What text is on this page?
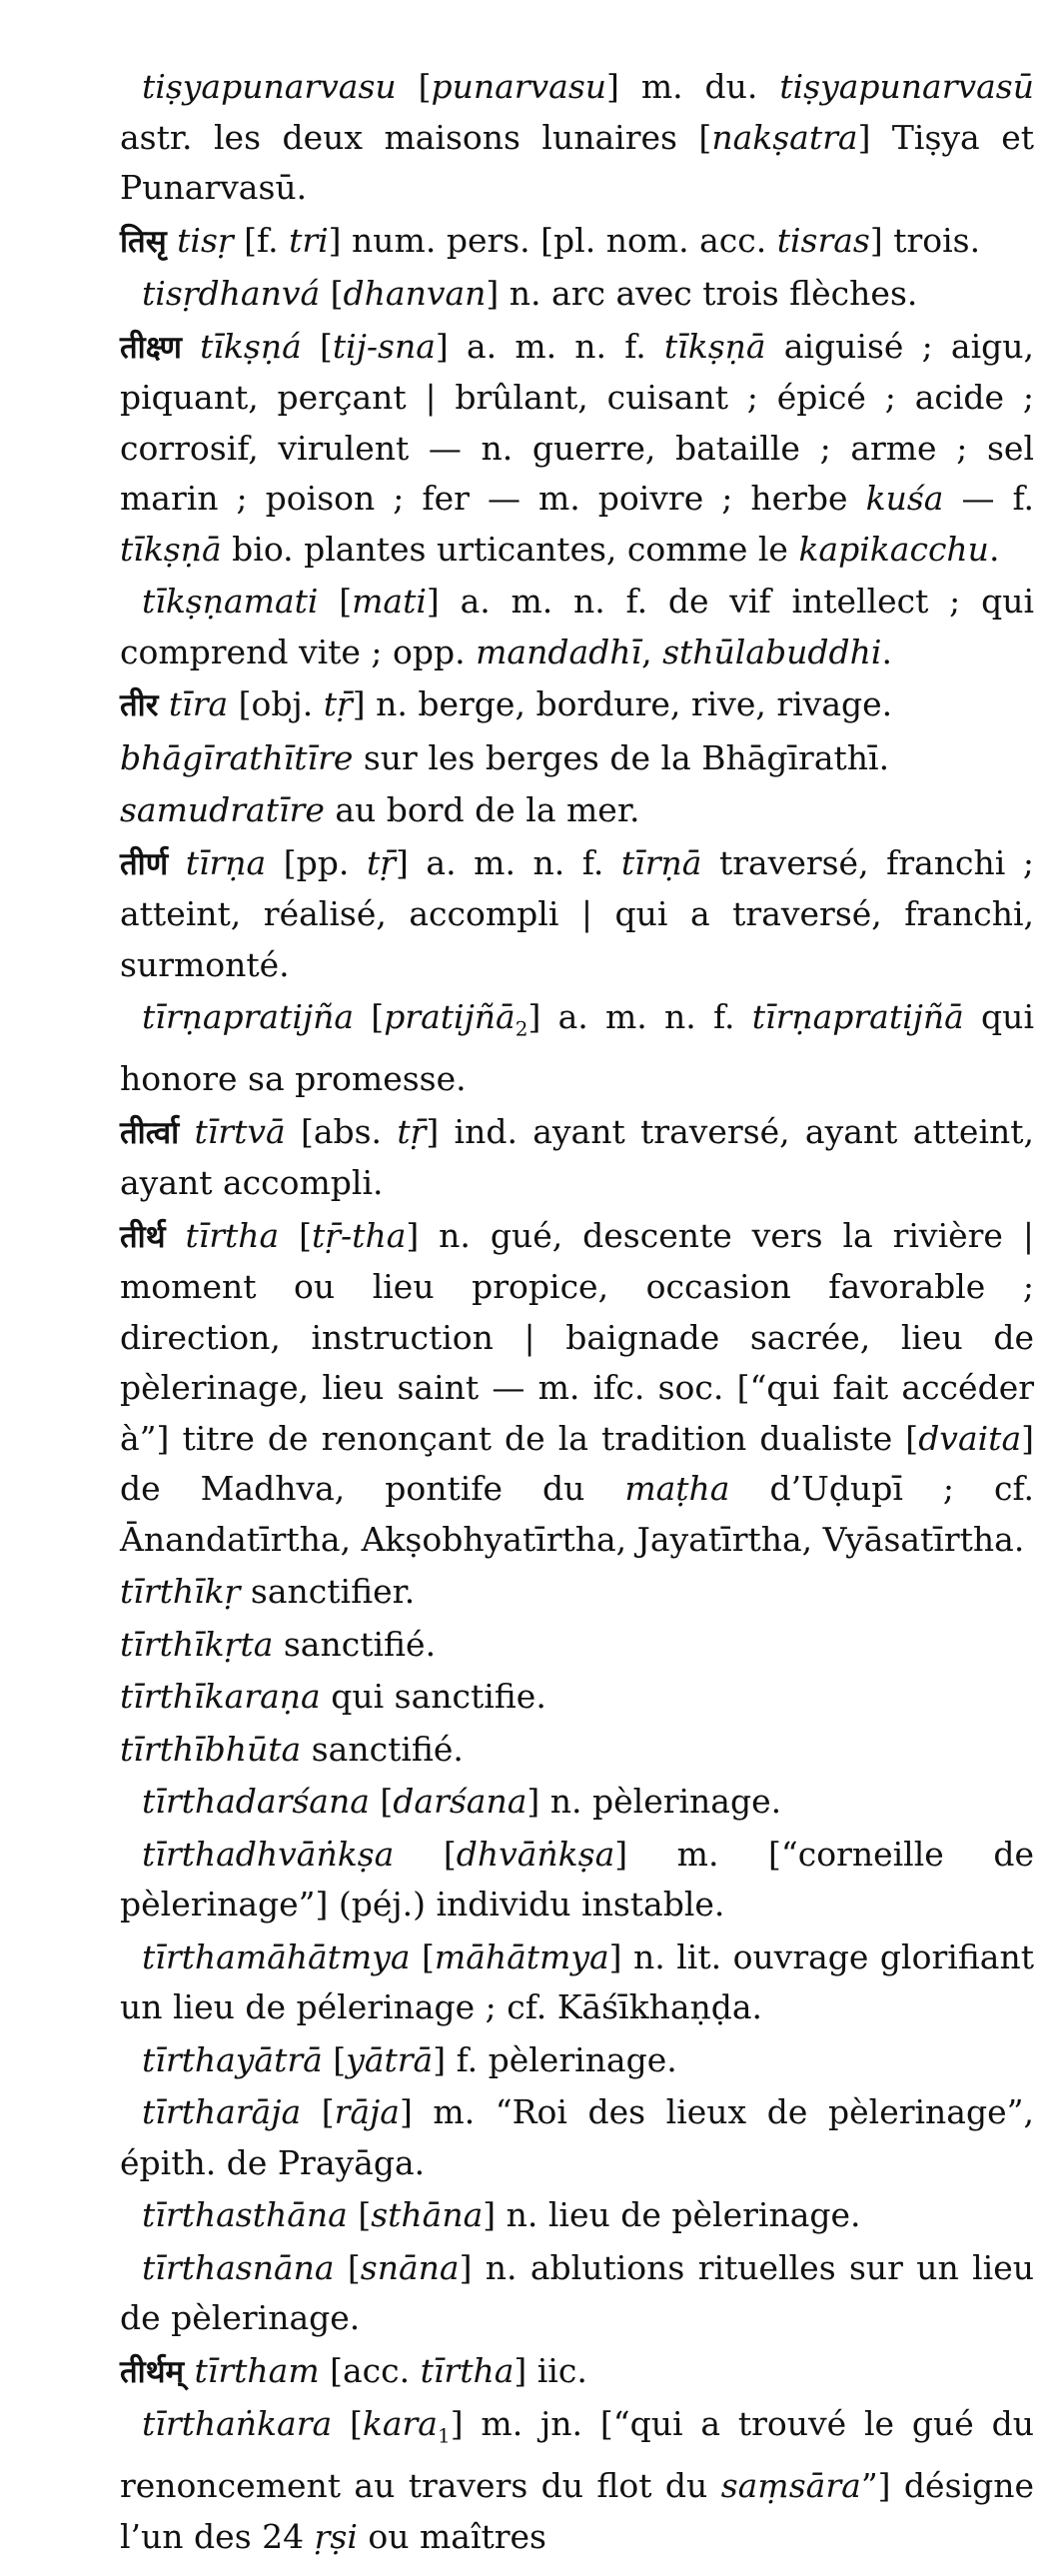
tiṣyapunarvasu [punarvasu] m. du. tiṣyapunarvasū astr. les deux maisons lunaires [nakṣatra] Tiṣya et Punarvasū.

तिसृ tisṛ [f. tri] num. pers. [pl. nom. acc. tisras] trois.

tisṛdhanvá [dhanvan] n. arc avec trois flèches.

तीक्ष्ण tīkṣṇá [tij-sna] a. m. n. f. tīkṣṇā aiguisé ; aigu, piquant, perçant | brûlant, cuisant ; épicé ; acide ; corrosif, virulent — n. guerre, bataille ; arme ; sel marin ; poison ; fer — m. poivre ; herbe kuśa — f. tīkṣṇā bio. plantes urticantes, comme le kapikacchu.

tīkṣṇamati [mati] a. m. n. f. de vif intellect ; qui comprend vite ; opp. mandadhī, sthūlabuddhi.

तीर tīra [obj. tṝ] n. berge, bordure, rive, rivage.

bhāgīrathītīre sur les berges de la Bhāgīrathī.

samudratīre au bord de la mer.

तीर्ण tīrṇa [pp. tṝ] a. m. n. f. tīrṇā traversé, franchi ; atteint, réalisé, accompli | qui a traversé, franchi, surmonté.

tīrṇapratijña [pratijñā$_2$] a. m. n. f. tīrṇapratijñā qui honore sa promesse.

तीर्त्वा tīrtvā [abs. tṝ] ind. ayant traversé, ayant atteint, ayant accompli.

तीर्थ tīrtha [tṝ-tha] n. gué, descente vers la rivière | moment ou lieu propice, occasion favorable ; direction, instruction | baignade sacrée, lieu de pèlerinage, lieu saint — m. ifc. soc. [“qui fait accéder à”] titre de renonçant de la tradition dualiste [dvaita] de Madhva, pontife du maṭha d’Uḍupī ; cf. Ānandatīrtha, Akṣobhyatīrtha, Jayatīrtha, Vyāsatīrtha.

tīrthīkṛ sanctifier.

tīrthīkṛta sanctifié.

tīrthīkaraṇa qui sanctifie.

tīrthībhūta sanctifié.

tīrthadarśana [darśana] n. pèlerinage.

tīrthadhvāṅkṣa [dhvāṅkṣa] m. [“corneille de pèlerinage”] (péj.) individu instable.

tīrthamāhātmya [māhātmya] n. lit. ouvrage glorifiant un lieu de pélerinage ; cf. Kāśīkhaṇḍa.

tīrthayātrā [yātrā] f. pèlerinage.

tīrtharāja [rāja] m. “Roi des lieux de pèlerinage”, épith. de Prayāga.

tīrthasthāna [sthāna] n. lieu de pèlerinage.

tīrthasnāna [snāna] n. ablutions rituelles sur un lieu de pèlerinage.

तीर्थम् tīrtham [acc. tīrtha] iic.

tīrthaṅkara [kara$_1$] m. jn. [“qui a trouvé le gué du renoncement au travers du flot du saṃsāra”] désigne l’un des 24 ṛṣi ou maîtres
